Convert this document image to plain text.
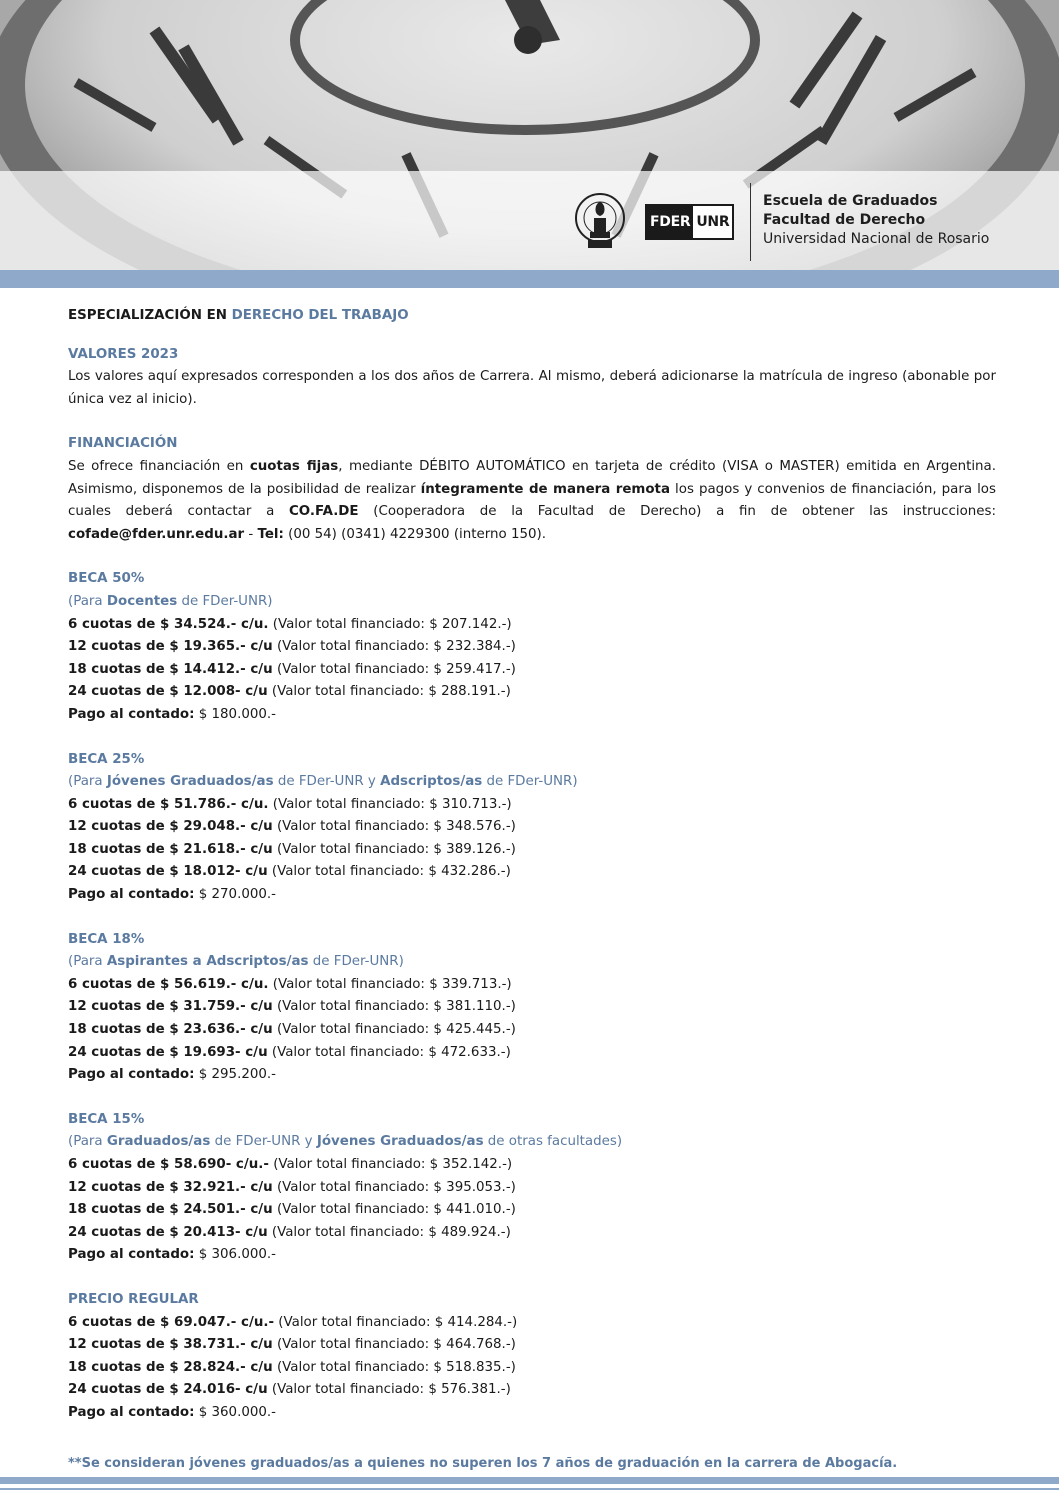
FDER UNR
Escuela de Graduados
Facultad de Derecho
Universidad Nacional de Rosario
ESPECIALIZACIÓN EN DERECHO DEL TRABAJO
VALORES 2023
Los valores aquí expresados corresponden a los dos años de Carrera. Al mismo, deberá adicionarse la matrícula de ingreso (abonable por única vez al inicio).
FINANCIACIÓN
Se ofrece financiación en cuotas fijas, mediante DÉBITO AUTOMÁTICO en tarjeta de crédito (VISA o MASTER) emitida en Argentina. Asimismo, disponemos de la posibilidad de realizar íntegramente de manera remota los pagos y convenios de financiación, para los cuales deberá contactar a CO.FA.DE (Cooperadora de la Facultad de Derecho) a fin de obtener las instrucciones: cofade@fder.unr.edu.ar - Tel: (00 54) (0341) 4229300 (interno 150).
BECA 50%
(Para Docentes de FDer-UNR)
6 cuotas de $ 34.524.- c/u. (Valor total financiado: $ 207.142.-)
12 cuotas de $ 19.365.- c/u (Valor total financiado: $ 232.384.-)
18 cuotas de $ 14.412.- c/u (Valor total financiado: $ 259.417.-)
24 cuotas de $ 12.008- c/u (Valor total financiado: $ 288.191.-)
Pago al contado: $ 180.000.-
BECA 25%
(Para Jóvenes Graduados/as de FDer-UNR y Adscriptos/as de FDer-UNR)
6 cuotas de $ 51.786.- c/u. (Valor total financiado: $ 310.713.-)
12 cuotas de $ 29.048.- c/u (Valor total financiado: $ 348.576.-)
18 cuotas de $ 21.618.- c/u (Valor total financiado: $ 389.126.-)
24 cuotas de $ 18.012- c/u (Valor total financiado: $ 432.286.-)
Pago al contado: $ 270.000.-
BECA 18%
(Para Aspirantes a Adscriptos/as de FDer-UNR)
6 cuotas de $ 56.619.- c/u. (Valor total financiado: $ 339.713.-)
12 cuotas de $ 31.759.- c/u (Valor total financiado: $ 381.110.-)
18 cuotas de $ 23.636.- c/u (Valor total financiado: $ 425.445.-)
24 cuotas de $ 19.693- c/u (Valor total financiado: $ 472.633.-)
Pago al contado: $ 295.200.-
BECA 15%
(Para Graduados/as de FDer-UNR y Jóvenes Graduados/as de otras facultades)
6 cuotas de $ 58.690- c/u.- (Valor total financiado: $ 352.142.-)
12 cuotas de $ 32.921.- c/u (Valor total financiado: $ 395.053.-)
18 cuotas de $ 24.501.- c/u (Valor total financiado: $ 441.010.-)
24 cuotas de $ 20.413- c/u (Valor total financiado: $ 489.924.-)
Pago al contado: $ 306.000.-
PRECIO REGULAR
6 cuotas de $ 69.047.- c/u.- (Valor total financiado: $ 414.284.-)
12 cuotas de $ 38.731.- c/u (Valor total financiado: $ 464.768.-)
18 cuotas de $ 28.824.- c/u (Valor total financiado: $ 518.835.-)
24 cuotas de $ 24.016- c/u (Valor total financiado: $ 576.381.-)
Pago al contado: $ 360.000.-
**Se consideran jóvenes graduados/as a quienes no superen los 7 años de graduación en la carrera de Abogacía.
